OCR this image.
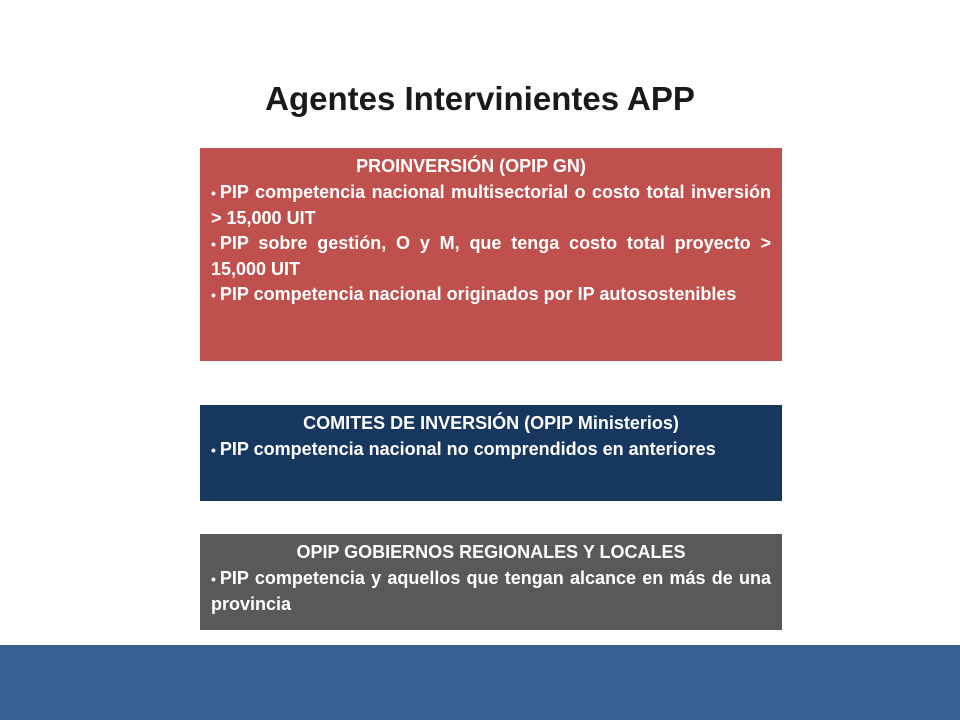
Agentes Intervinientes APP

PROINVERSIÓN (OPIP GN)

• PIP competencia nacional multisectorial o costo total inversión > 15,000 UIT

• PIP sobre gestión, O y M, que tenga costo total proyecto > 15,000 UIT

• PIP competencia nacional originados por IP autosostenibles

COMITES DE INVERSIÓN (OPIP Ministerios)

• PIP competencia nacional no comprendidos en anteriores

OPIP GOBIERNOS REGIONALES Y LOCALES

• PIP competencia y aquellos que tengan alcance en más de una provincia
